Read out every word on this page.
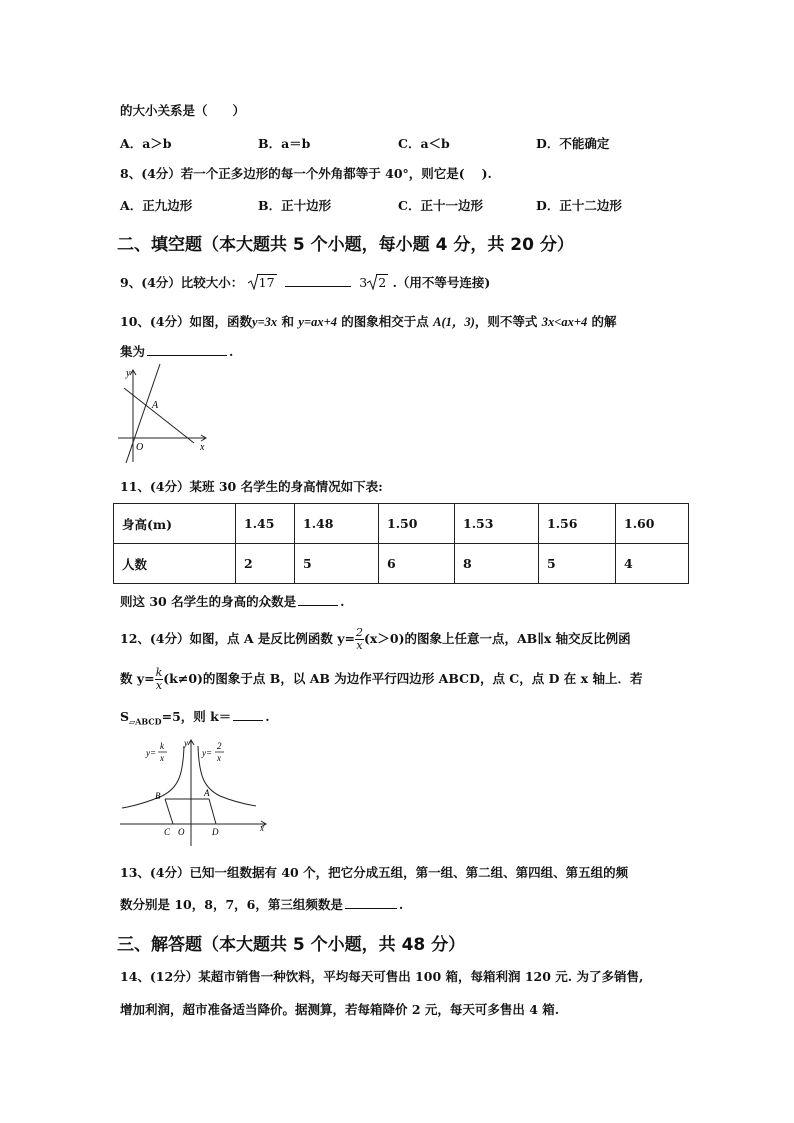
的大小关系是（　　）
A．a＞b	B．a＝b	C．a＜b	D．不能确定
8、(4分）若一个正多边形的每一个外角都等于 40°，则它是(　 ).
A．正九边形	B．正十边形	C．正十一边形	D．正十二边形
二、填空题（本大题共 5 个小题，每小题 4 分，共 20 分）
9、(4分）比较大小： 17	3 2 .（用不等号连接)
10、(4分）如图，函数y=3x 和 y=ax+4 的图象相交于点 A(1，3)，则不等式 3x<ax+4 的解
集为	.
y
x
A
O
11、(4分）某班 30 名学生的身高情况如下表:
身高(m)	1.45	1.48	1.50	1.53	1.56	1.60
人数	2	5	6	8	5	4
则这 30 名学生的身高的众数是	.
12、(4分）如图，点 A 是反比例函数 $y= \frac{2}{x} (x>0)$的图象上任意一点，AB∥x 轴交反比例函
数 $y= \frac{k}{x} (k\ne 0)$的图象于点 B，以 AB 为边作平行四边形 ABCD，点 C，点 D 在 x 轴上．若
$S_{▱ABCD}=5$，则 k＝	.
y=
k
x	y=
2
x
y
x
B	A
C O	D
13、(4分）已知一组数据有 40 个，把它分成五组，第一组、第二组、第四组、第五组的频
数分别是 10，8，7，6，第三组频数是	.
三、解答题（本大题共 5 个小题，共 48 分）
14、(12分）某超市销售一种饮料，平均每天可售出 100 箱，每箱利润 120 元. 为了多销售,
增加利润，超市准备适当降价。据测算，若每箱降价 2 元，每天可多售出 4 箱.
